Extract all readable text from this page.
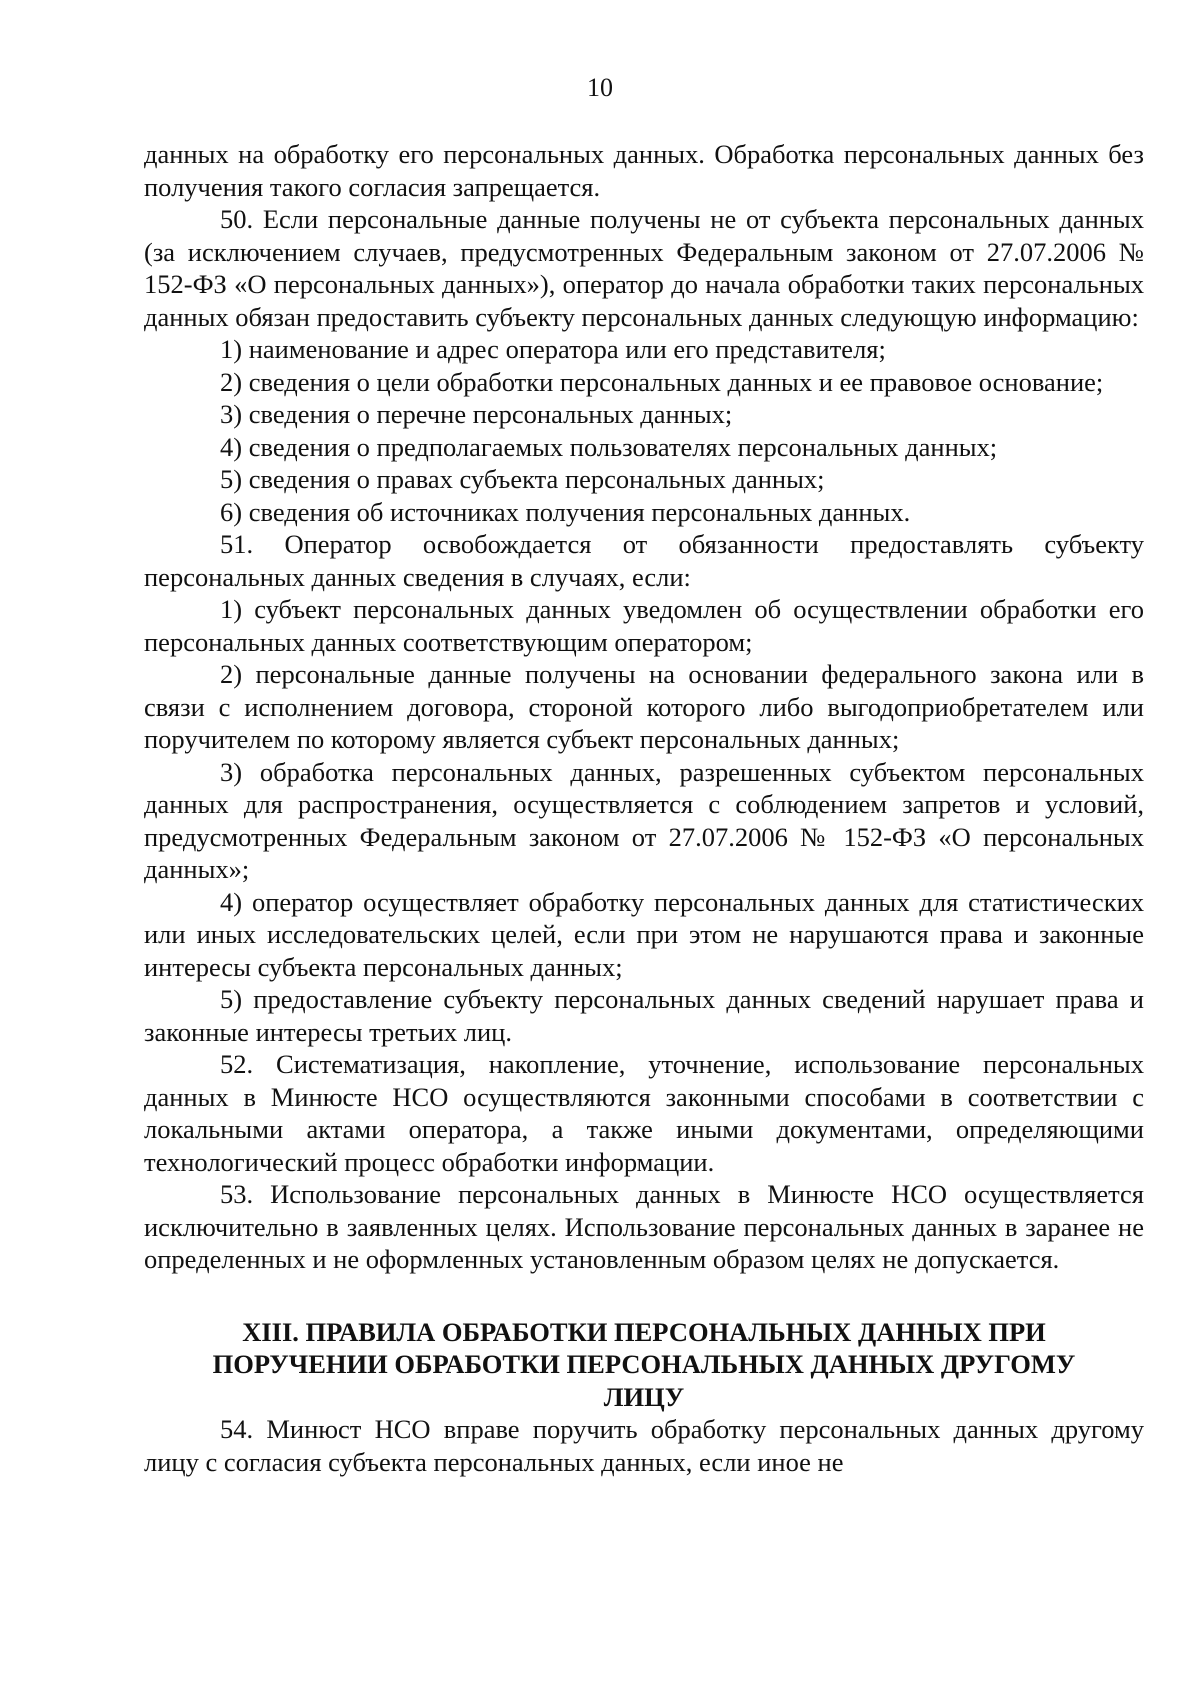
10

данных на обработку его персональных данных. Обработка персональных данных без получения такого согласия запрещается.

50. Если персональные данные получены не от субъекта персональных данных (за исключением случаев, предусмотренных Федеральным законом от 27.07.2006 № 152-ФЗ «О персональных данных»), оператор до начала обработки таких персональных данных обязан предоставить субъекту персональных данных следующую информацию:

1) наименование и адрес оператора или его представителя;

2) сведения о цели обработки персональных данных и ее правовое основание;

3) сведения о перечне персональных данных;

4) сведения о предполагаемых пользователях персональных данных;

5) сведения о правах субъекта персональных данных;

6) сведения об источниках получения персональных данных.

51. Оператор освобождается от обязанности предоставлять субъекту персональных данных сведения в случаях, если:

1) субъект персональных данных уведомлен об осуществлении обработки его персональных данных соответствующим оператором;

2) персональные данные получены на основании федерального закона или в связи с исполнением договора, стороной которого либо выгодоприобретателем или поручителем по которому является субъект персональных данных;

3) обработка персональных данных, разрешенных субъектом персональных данных для распространения, осуществляется с соблюдением запретов и условий, предусмотренных Федеральным законом от 27.07.2006 № 152-ФЗ «О персональных данных»;

4) оператор осуществляет обработку персональных данных для статистических или иных исследовательских целей, если при этом не нарушаются права и законные интересы субъекта персональных данных;

5) предоставление субъекту персональных данных сведений нарушает права и законные интересы третьих лиц.

52. Систематизация, накопление, уточнение, использование персональных данных в Минюсте НСО осуществляются законными способами в соответствии с локальными актами оператора, а также иными документами, определяющими технологический процесс обработки информации.

53. Использование персональных данных в Минюсте НСО осуществляется исключительно в заявленных целях. Использование персональных данных в заранее не определенных и не оформленных установленным образом целях не допускается.

XIII. ПРАВИЛА ОБРАБОТКИ ПЕРСОНАЛЬНЫХ ДАННЫХ ПРИ
ПОРУЧЕНИИ ОБРАБОТКИ ПЕРСОНАЛЬНЫХ ДАННЫХ ДРУГОМУ
ЛИЦУ

54. Минюст НСО вправе поручить обработку персональных данных другому лицу с согласия субъекта персональных данных, если иное не
